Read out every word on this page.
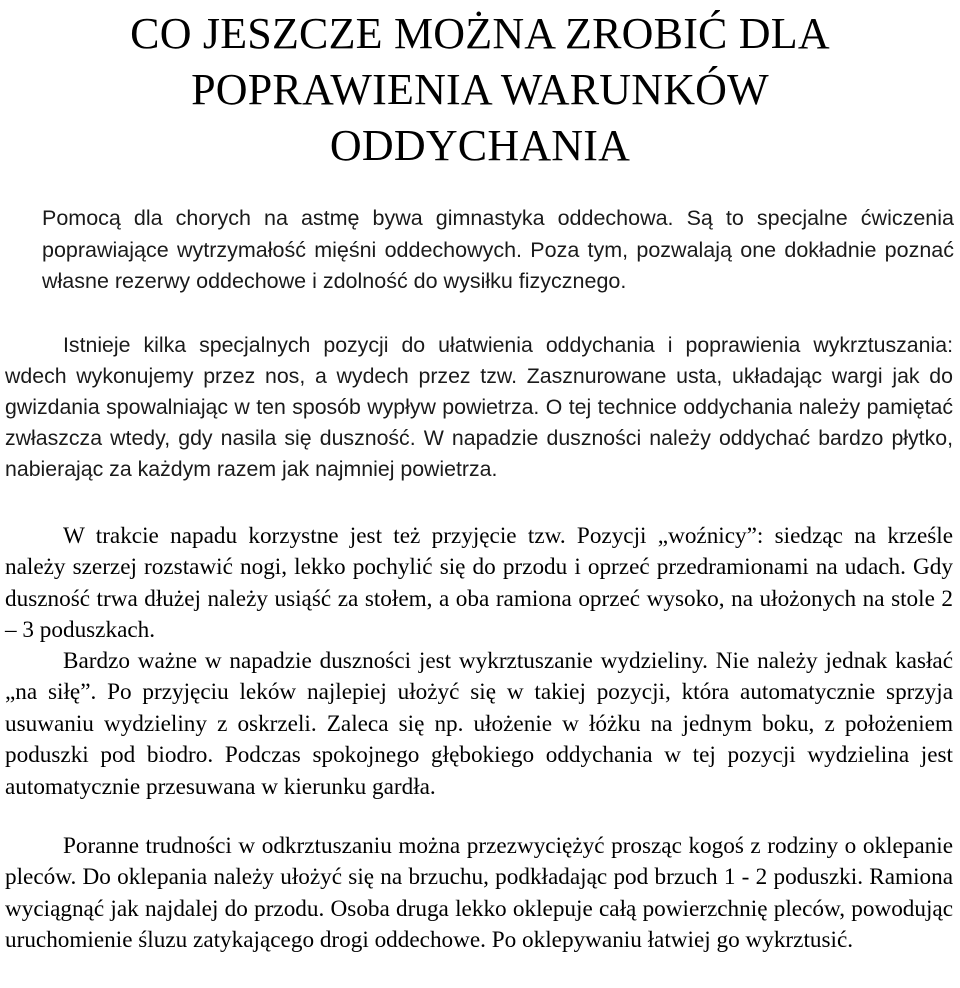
CO JESZCZE MOŻNA ZROBIĆ DLA
POPRAWIENIA WARUNKÓW
ODDYCHANIA

Pomocą dla chorych na astmę bywa gimnastyka oddechowa. Są to specjalne ćwiczenia poprawiające wytrzymałość mięśni oddechowych. Poza tym, pozwalają one dokładnie poznać własne rezerwy oddechowe i zdolność do wysiłku fizycznego.

Istnieje kilka specjalnych pozycji do ułatwienia oddychania i poprawienia wykrztuszania: wdech wykonujemy przez nos, a wydech przez tzw. Zasznurowane usta, układając wargi jak do gwizdania spowalniając w ten sposób wypływ powietrza. O tej technice oddychania należy pamiętać zwłaszcza wtedy, gdy nasila się duszność. W napadzie duszności należy oddychać bardzo płytko, nabierając za każdym razem jak najmniej powietrza.

W trakcie napadu korzystne jest też przyjęcie tzw. Pozycji „woźnicy”: siedząc na krześle należy szerzej rozstawić nogi, lekko pochylić się do przodu i oprzeć przedramionami na udach. Gdy duszność trwa dłużej należy usiąść za stołem, a oba ramiona oprzeć wysoko, na ułożonych na stole 2 – 3 poduszkach.

Bardzo ważne w napadzie duszności jest wykrztuszanie wydzieliny. Nie należy jednak kasłać „na siłę”. Po przyjęciu leków najlepiej ułożyć się w takiej pozycji, która automatycznie sprzyja usuwaniu wydzieliny z oskrzeli. Zaleca się np. ułożenie w łóżku na jednym boku, z położeniem poduszki pod biodro. Podczas spokojnego głębokiego oddychania w tej pozycji wydzielina jest automatycznie przesuwana w kierunku gardła.

Poranne trudności w odkrztuszaniu można przezwyciężyć prosząc kogoś z rodziny o oklepanie pleców. Do oklepania należy ułożyć się na brzuchu, podkładając pod brzuch 1 - 2 poduszki. Ramiona wyciągnąć jak najdalej do przodu. Osoba druga lekko oklepuje całą powierzchnię pleców, powodując uruchomienie śluzu zatykającego drogi oddechowe. Po oklepywaniu łatwiej go wykrztusić.
